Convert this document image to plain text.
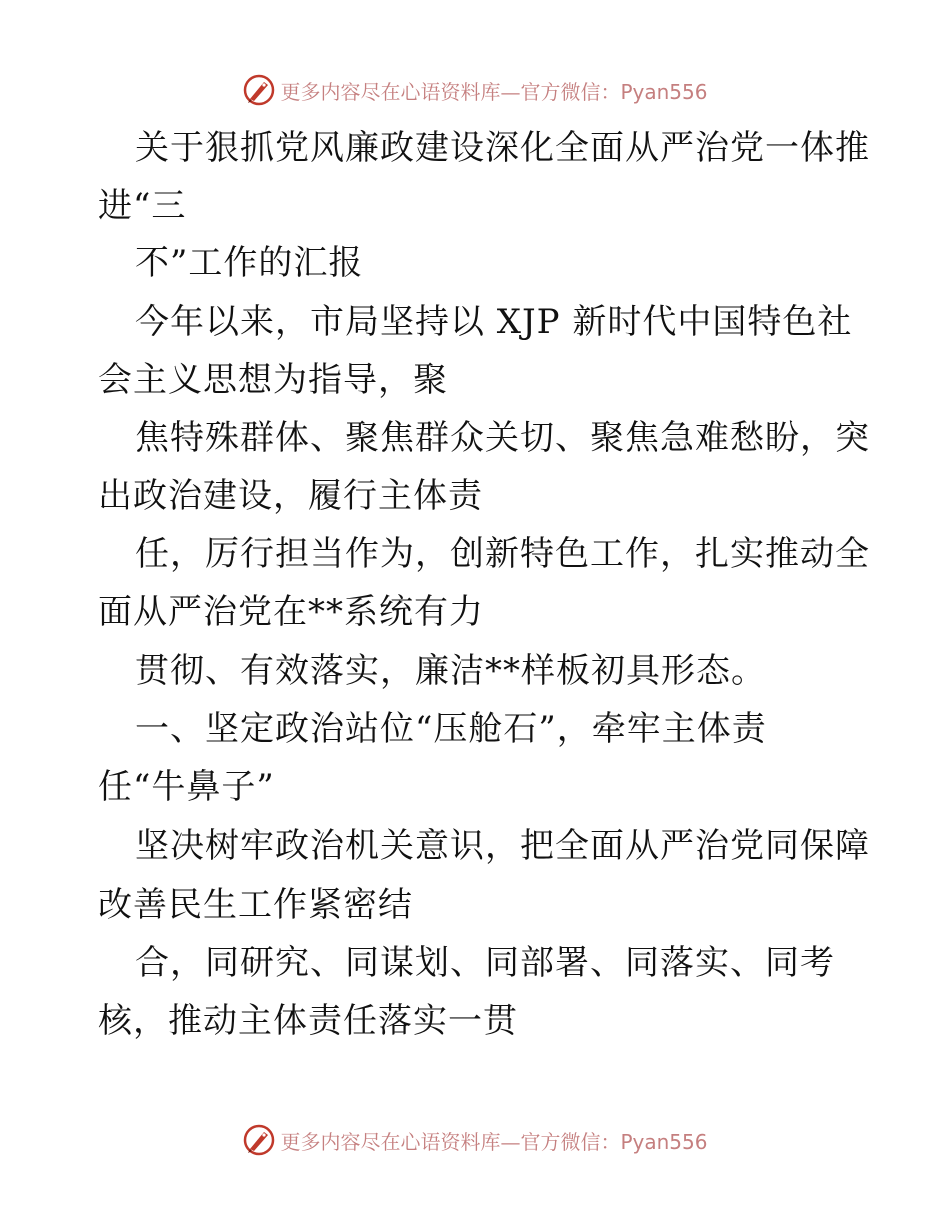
更多内容尽在心语资料库—官方微信：Pyan556
关于狠抓党风廉政建设深化全面从严治党一体推
进“三
不”工作的汇报
今年以来，市局坚持以 XJP 新时代中国特色社
会主义思想为指导，聚
焦特殊群体、聚焦群众关切、聚焦急难愁盼，突
出政治建设，履行主体责
任，厉行担当作为，创新特色工作，扎实推动全
面从严治党在**系统有力
贯彻、有效落实，廉洁**样板初具形态。
一、坚定政治站位“压舱石”，牵牢主体责
任“牛鼻子”
坚决树牢政治机关意识，把全面从严治党同保障
改善民生工作紧密结
合，同研究、同谋划、同部署、同落实、同考
核，推动主体责任落实一贯
更多内容尽在心语资料库—官方微信：Pyan556
